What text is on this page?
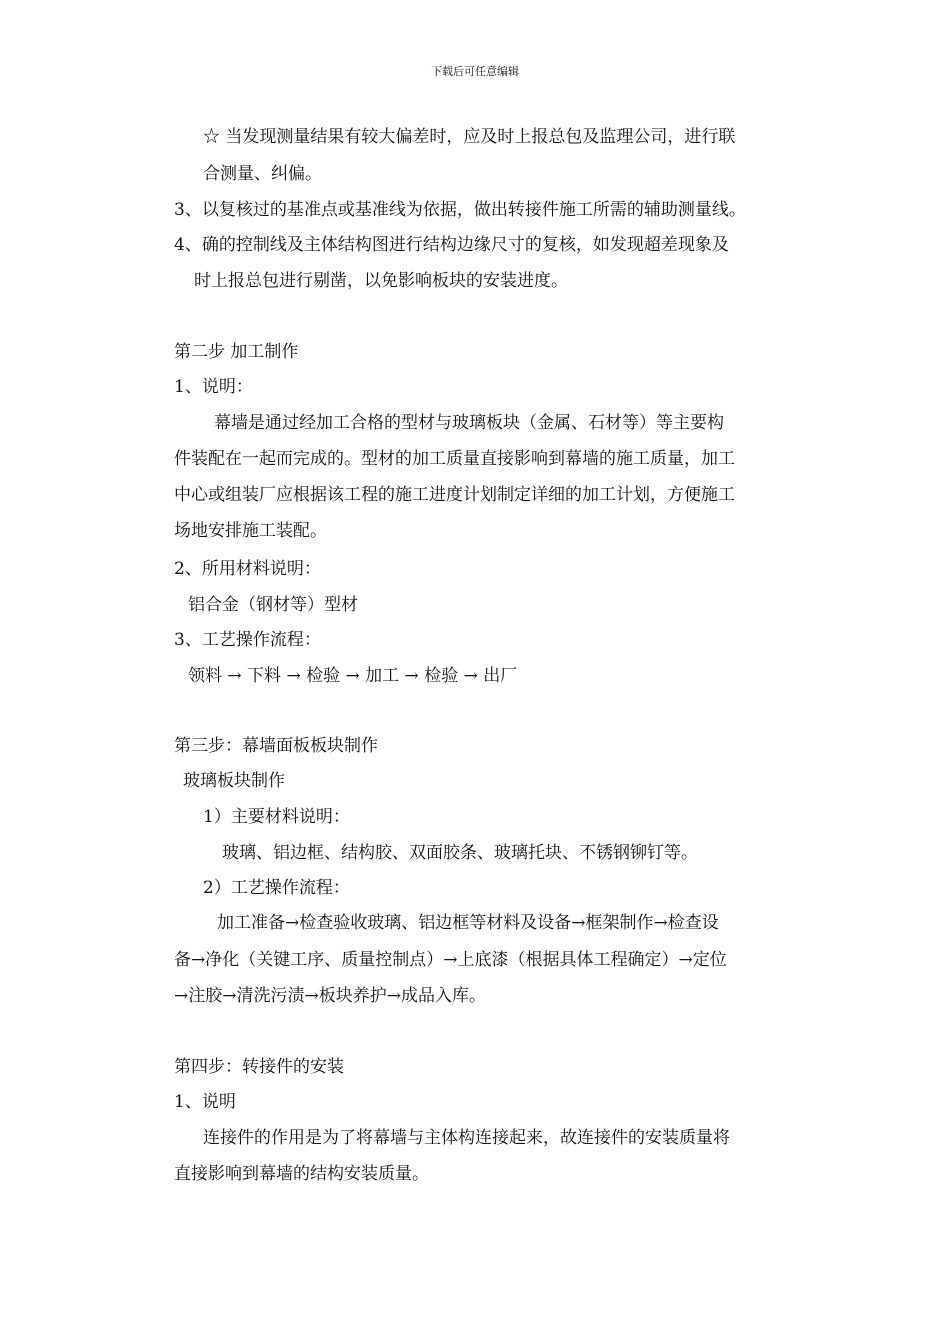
下载后可任意编辑
☆ 当发现测量结果有较大偏差时，应及时上报总包及监理公司，进行联
合测量、纠偏。
3、以复核过的基准点或基准线为依据，做出转接件施工所需的辅助测量线。
4、确的控制线及主体结构图进行结构边缘尺寸的复核，如发现超差现象及
时上报总包进行剔凿，以免影响板块的安装进度。
第二步 加工制作
1、说明：
幕墙是通过经加工合格的型材与玻璃板块（金属、石材等）等主要构
件装配在一起而完成的。型材的加工质量直接影响到幕墙的施工质量，加工
中心或组装厂应根据该工程的施工进度计划制定详细的加工计划，方便施工
场地安排施工装配。
2、所用材料说明：
铝合金（钢材等）型材
3、工艺操作流程：
领料 → 下料 → 检验 → 加工 → 检验 → 出厂
第三步：幕墙面板板块制作
玻璃板块制作
1）主要材料说明：
玻璃、铝边框、结构胶、双面胶条、玻璃托块、不锈钢铆钉等。
2）工艺操作流程：
加工准备→检查验收玻璃、铝边框等材料及设备→框架制作→检查设
备→净化（关键工序、质量控制点）→上底漆（根据具体工程确定）→定位
→注胶→清洗污渍→板块养护→成品入库。
第四步：转接件的安装
1、说明
连接件的作用是为了将幕墙与主体构连接起来，故连接件的安装质量将
直接影响到幕墙的结构安装质量。
